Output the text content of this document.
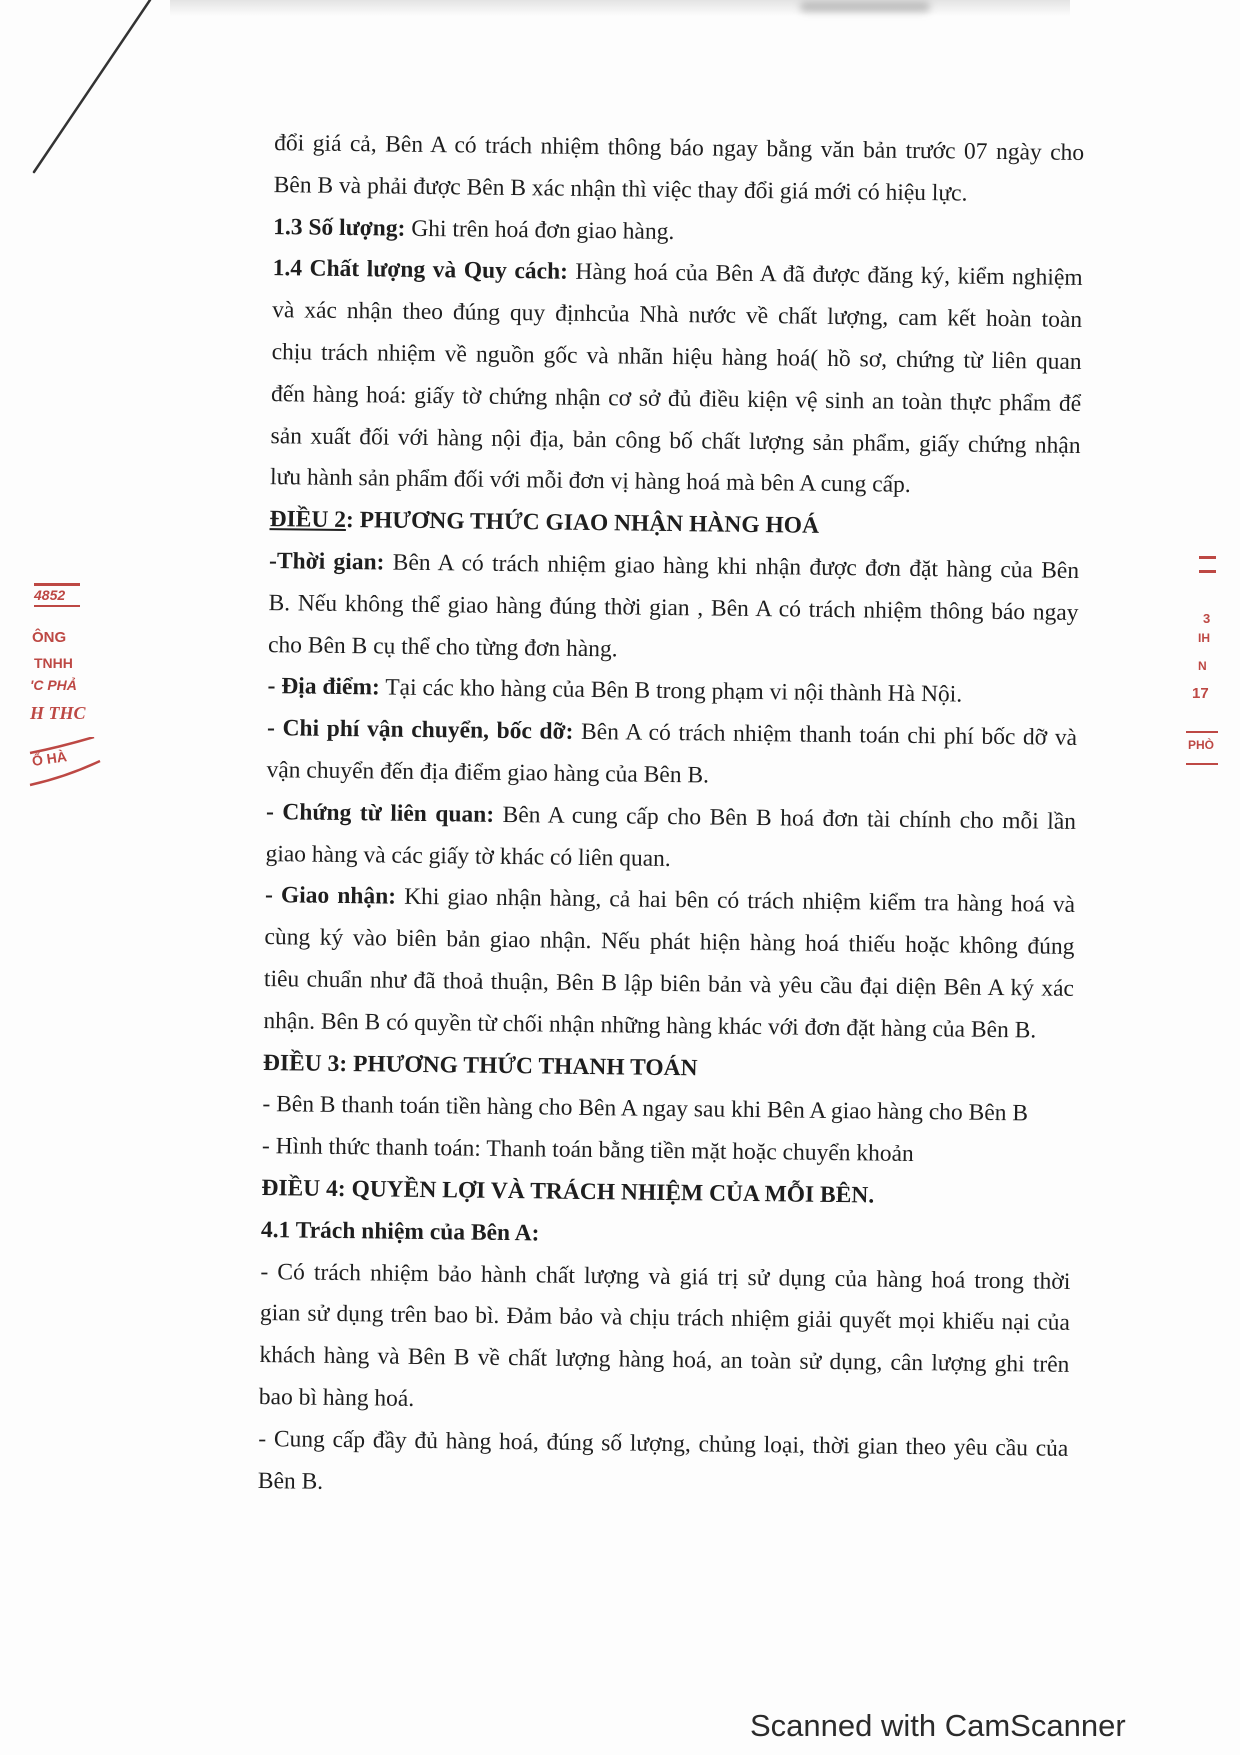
đổi giá cả, Bên A có trách nhiệm thông báo ngay bằng văn bản trước 07 ngày cho
Bên B và phải được Bên B xác nhận thì việc thay đổi giá mới có hiệu lực.
1.3 Số lượng: Ghi trên hoá đơn giao hàng.
1.4 Chất lượng và Quy cách: Hàng hoá của Bên A đã được đăng ký, kiểm nghiệm
và xác nhận theo đúng quy địnhcủa Nhà nước về chất lượng, cam kết hoàn toàn
chịu trách nhiệm về nguồn gốc và nhãn hiệu hàng hoá( hồ sơ, chứng từ liên quan
đến hàng hoá: giấy tờ chứng nhận cơ sở đủ điều kiện vệ sinh an toàn thực phẩm để
sản xuất đối với hàng nội địa, bản công bố chất lượng sản phẩm, giấy chứng nhận
lưu hành sản phẩm đối với mỗi đơn vị hàng hoá mà bên A cung cấp.
ĐIỀU 2: PHƯƠNG THỨC GIAO NHẬN HÀNG HOÁ
-Thời gian: Bên A có trách nhiệm giao hàng khi nhận được đơn đặt hàng của Bên
B. Nếu không thể giao hàng đúng thời gian , Bên A có trách nhiệm thông báo ngay
cho Bên B cụ thể cho từng đơn hàng.
- Địa điểm: Tại các kho hàng của Bên B trong phạm vi nội thành Hà Nội.
- Chi phí vận chuyển, bốc dỡ: Bên A có trách nhiệm thanh toán chi phí bốc dỡ và
vận chuyển đến địa điểm giao hàng của Bên B.
- Chứng từ liên quan: Bên A cung cấp cho Bên B hoá đơn tài chính cho mỗi lần
giao hàng và các giấy tờ khác có liên quan.
- Giao nhận: Khi giao nhận hàng, cả hai bên có trách nhiệm kiểm tra hàng hoá và
cùng ký vào biên bản giao nhận. Nếu phát hiện hàng hoá thiếu hoặc không đúng
tiêu chuẩn như đã thoả thuận, Bên B lập biên bản và yêu cầu đại diện Bên A ký xác
nhận. Bên B có quyền từ chối nhận những hàng khác với đơn đặt hàng của Bên B.
ĐIỀU 3: PHƯƠNG THỨC THANH TOÁN
- Bên B thanh toán tiền hàng cho Bên A ngay sau khi Bên A giao hàng cho Bên B
- Hình thức thanh toán: Thanh toán bằng tiền mặt hoặc chuyển khoản
ĐIỀU 4: QUYỀN LỢI VÀ TRÁCH NHIỆM CỦA MỖI BÊN.
4.1 Trách nhiệm của Bên A:
- Có trách nhiệm bảo hành chất lượng và giá trị sử dụng của hàng hoá trong thời
gian sử dụng trên bao bì. Đảm bảo và chịu trách nhiệm giải quyết mọi khiếu nại của
khách hàng và Bên B về chất lượng hàng hoá, an toàn sử dụng, cân lượng ghi trên
bao bì hàng hoá.
- Cung cấp đầy đủ hàng hoá, đúng số lượng, chủng loại, thời gian theo yêu cầu của
Bên B.
4852
ÔNG
TNHH
'C PHẢ
H THC
Ố HÀ
3
IH
N
17
PHÒ
Scanned with CamScanner
